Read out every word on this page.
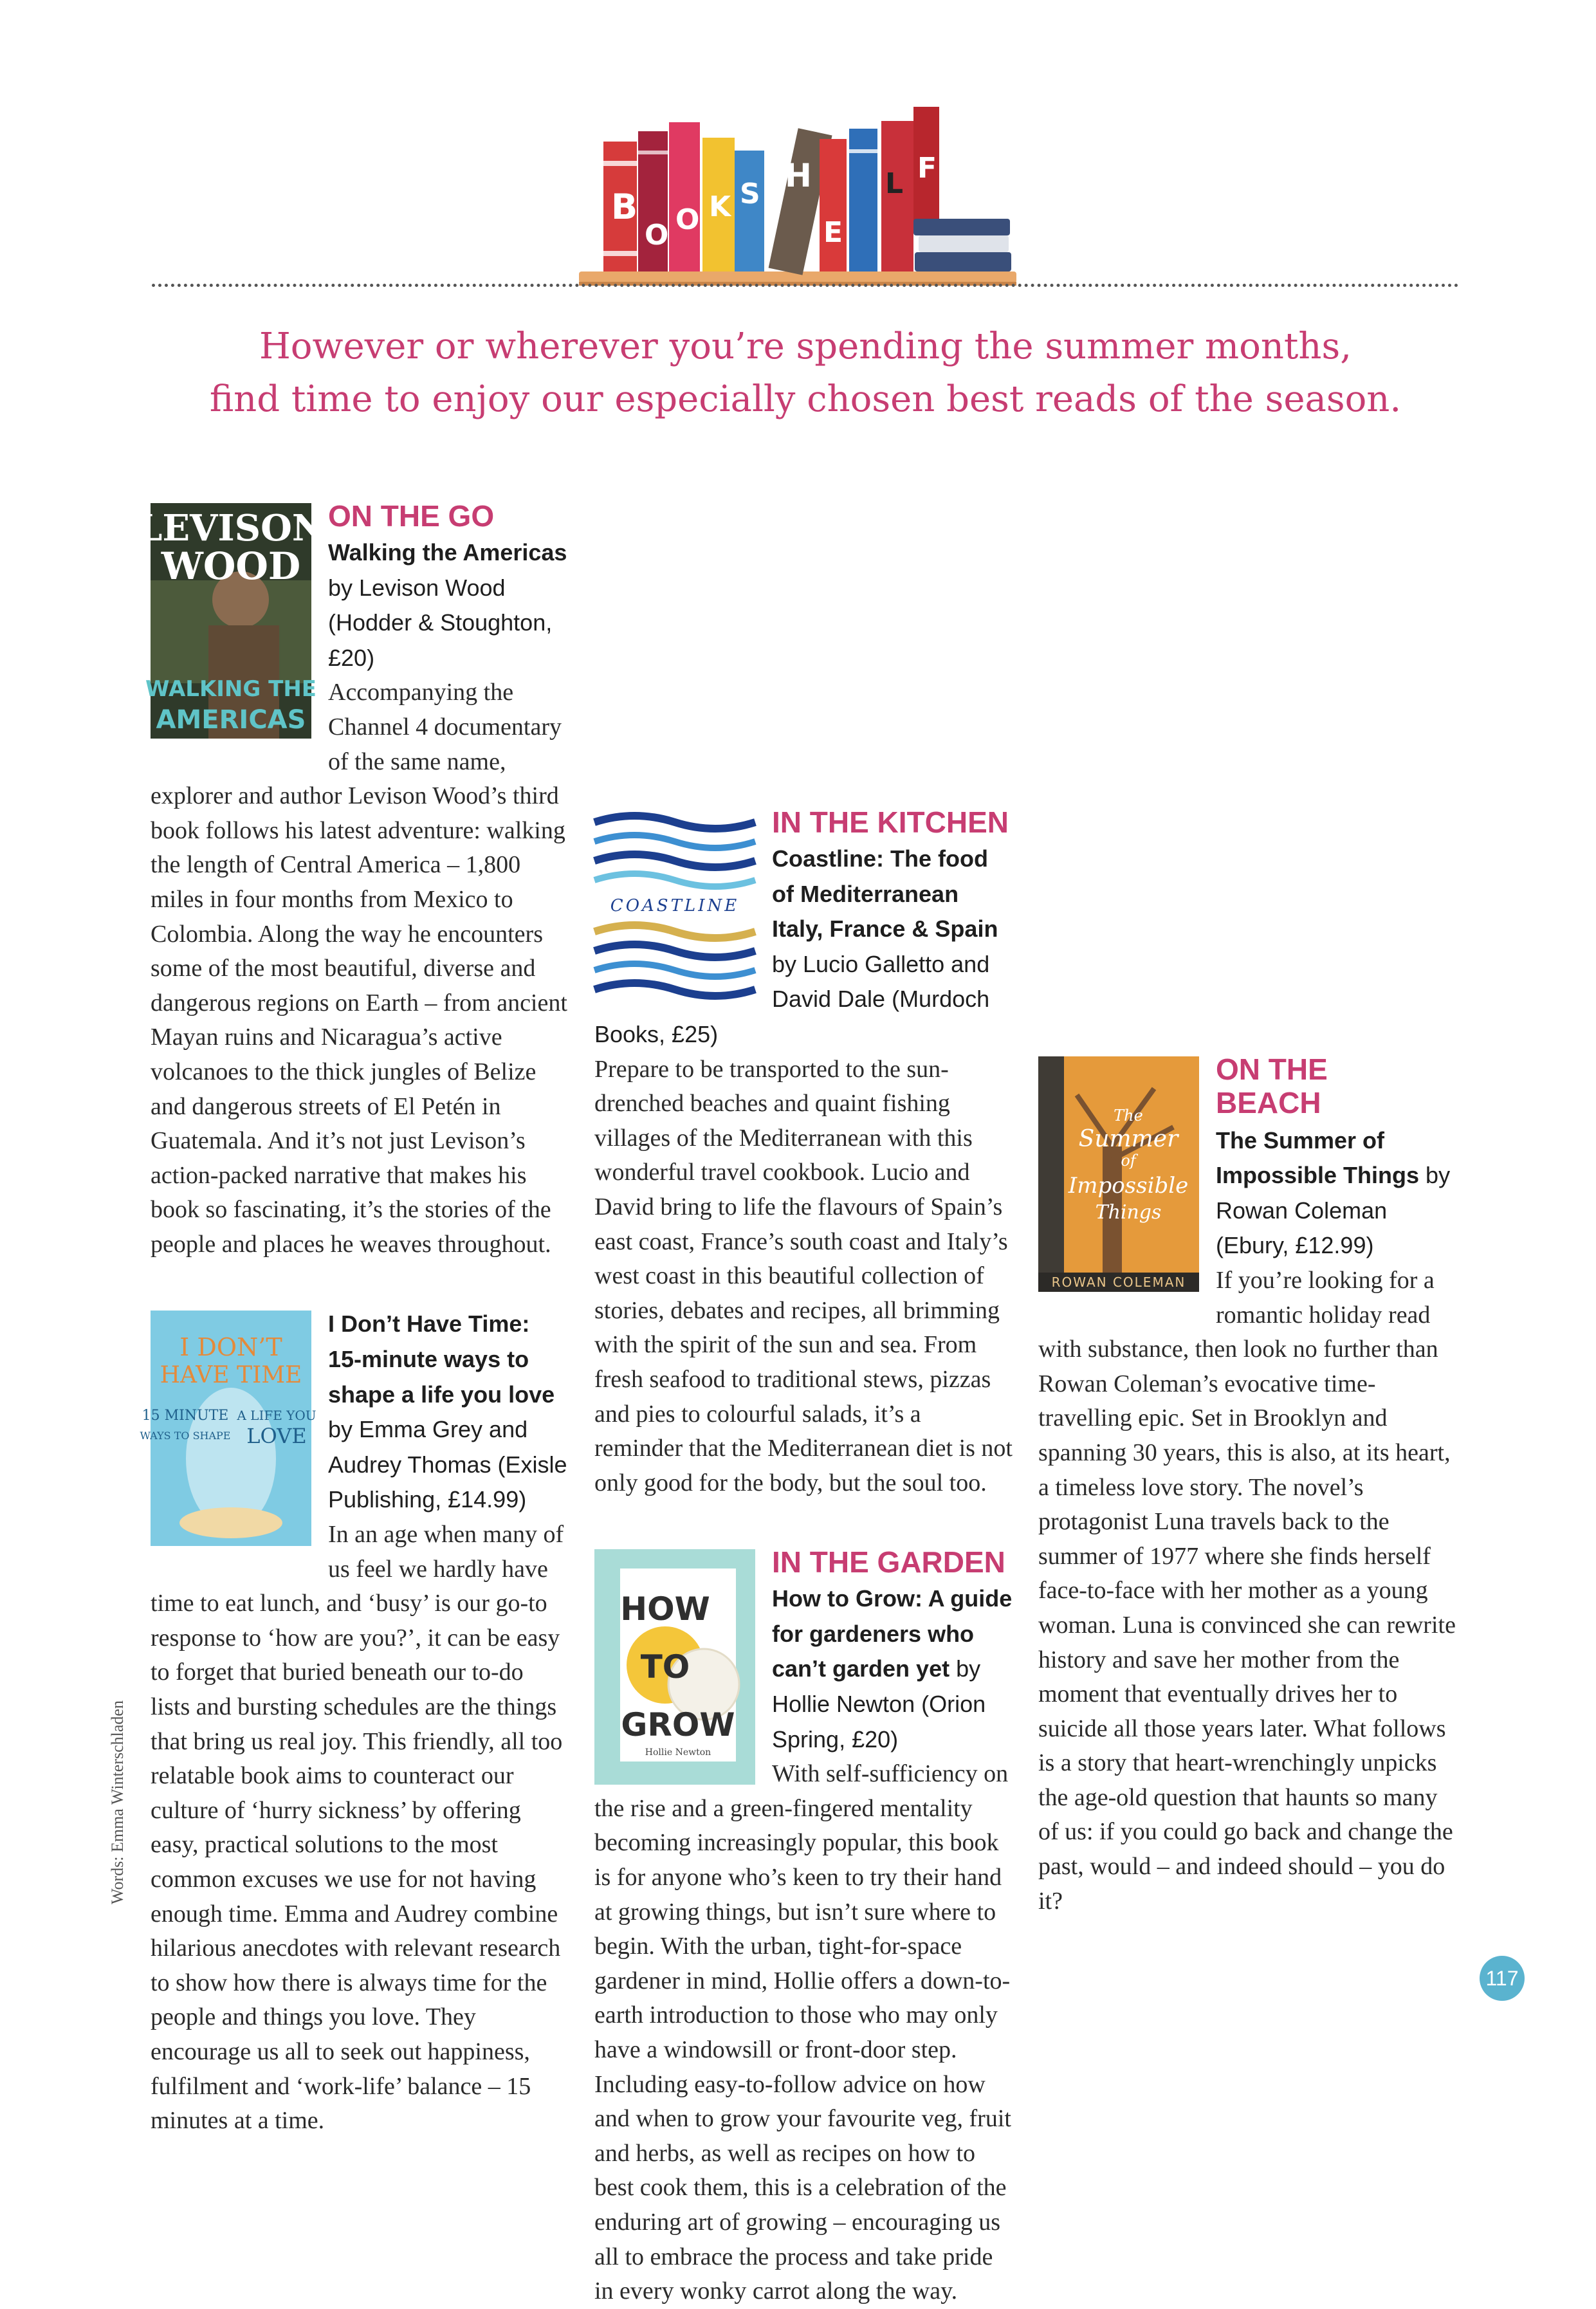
B
O O K S H
E
L F
However or wherever you’re spending the summer months,
find time to enjoy our especially chosen best reads of the season.
LEVISON
WOOD
WALKING THE
AMERICAS
ON THE GO
Walking the Americas by Levison Wood (Hodder & Stoughton, £20)
Accompanying the Channel 4 documentary of the same name, explorer and author Levison Wood’s third book follows his latest adventure: walking the length of Central America – 1,800 miles in four months from Mexico to Colombia. Along the way he encounters some of the most beautiful, diverse and dangerous regions on Earth – from ancient Mayan ruins and Nicaragua’s active volcanoes to the thick jungles of Belize and dangerous streets of El Petén in Guatemala. And it’s not just Levison’s action-packed narrative that makes his book so fascinating, it’s the stories of the people and places he weaves throughout.
I DON’T
HAVE TIME
15 MINUTE
WAYS TO SHAPE
A LIFE YOU
LOVE
I Don’t Have Time: 15-minute ways to shape a life you love by Emma Grey and Audrey Thomas (Exisle Publishing, £14.99)
In an age when many of us feel we hardly have time to eat lunch, and ‘busy’ is our go-to response to ‘how are you?’, it can be easy to forget that buried beneath our to-do lists and bursting schedules are the things that bring us real joy. This friendly, all too relatable book aims to counteract our culture of ‘hurry sickness’ by offering easy, practical solutions to the most common excuses we use for not having enough time. Emma and Audrey combine hilarious anecdotes with relevant research to show how there is always time for the people and things you love. They encourage us all to seek out happiness, fulfilment and ‘work-life’ balance – 15 minutes at a time.
COASTLINE
IN THE KITCHEN
Coastline: The food of Mediterranean Italy, France & Spain by Lucio Galletto and David Dale (Murdoch Books, £25)
Prepare to be transported to the sun-drenched beaches and quaint fishing villages of the Mediterranean with this wonderful travel cookbook. Lucio and David bring to life the flavours of Spain’s east coast, France’s south coast and Italy’s west coast in this beautiful collection of stories, debates and recipes, all brimming with the spirit of the sun and sea. From fresh seafood to traditional stews, pizzas and pies to colourful salads, it’s a reminder that the Mediterranean diet is not only good for the body, but the soul too.
HOW
TO
GROW
Hollie Newton
IN THE GARDEN
How to Grow: A guide for gardeners who can’t garden yet by Hollie Newton (Orion Spring, £20)
With self-sufficiency on the rise and a green-fingered mentality becoming increasingly popular, this book is for anyone who’s keen to try their hand at growing things, but isn’t sure where to begin. With the urban, tight-for-space gardener in mind, Hollie offers a down-to-earth introduction to those who may only have a windowsill or front-door step. Including easy-to-follow advice on how and when to grow your favourite veg, fruit and herbs, as well as recipes on how to best cook them, this is a celebration of the enduring art of growing – encouraging us all to embrace the process and take pride in every wonky carrot along the way.
The
Summer
of
Impossible
Things
ROWAN COLEMAN
ON THE BEACH
The Summer of Impossible Things by Rowan Coleman (Ebury, £12.99)
If you’re looking for a romantic holiday read with substance, then look no further than Rowan Coleman’s evocative time-travelling epic. Set in Brooklyn and spanning 30 years, this is also, at its heart, a timeless love story. The novel’s protagonist Luna travels back to the summer of 1977 where she finds herself face-to-face with her mother as a young woman. Luna is convinced she can rewrite history and save her mother from the moment that eventually drives her to suicide all those years later. What follows is a story that heart-wrenchingly unpicks the age-old question that haunts so many of us: if you could go back and change the past, would – and indeed should – you do it?
Words: Emma Winterschladen
117
